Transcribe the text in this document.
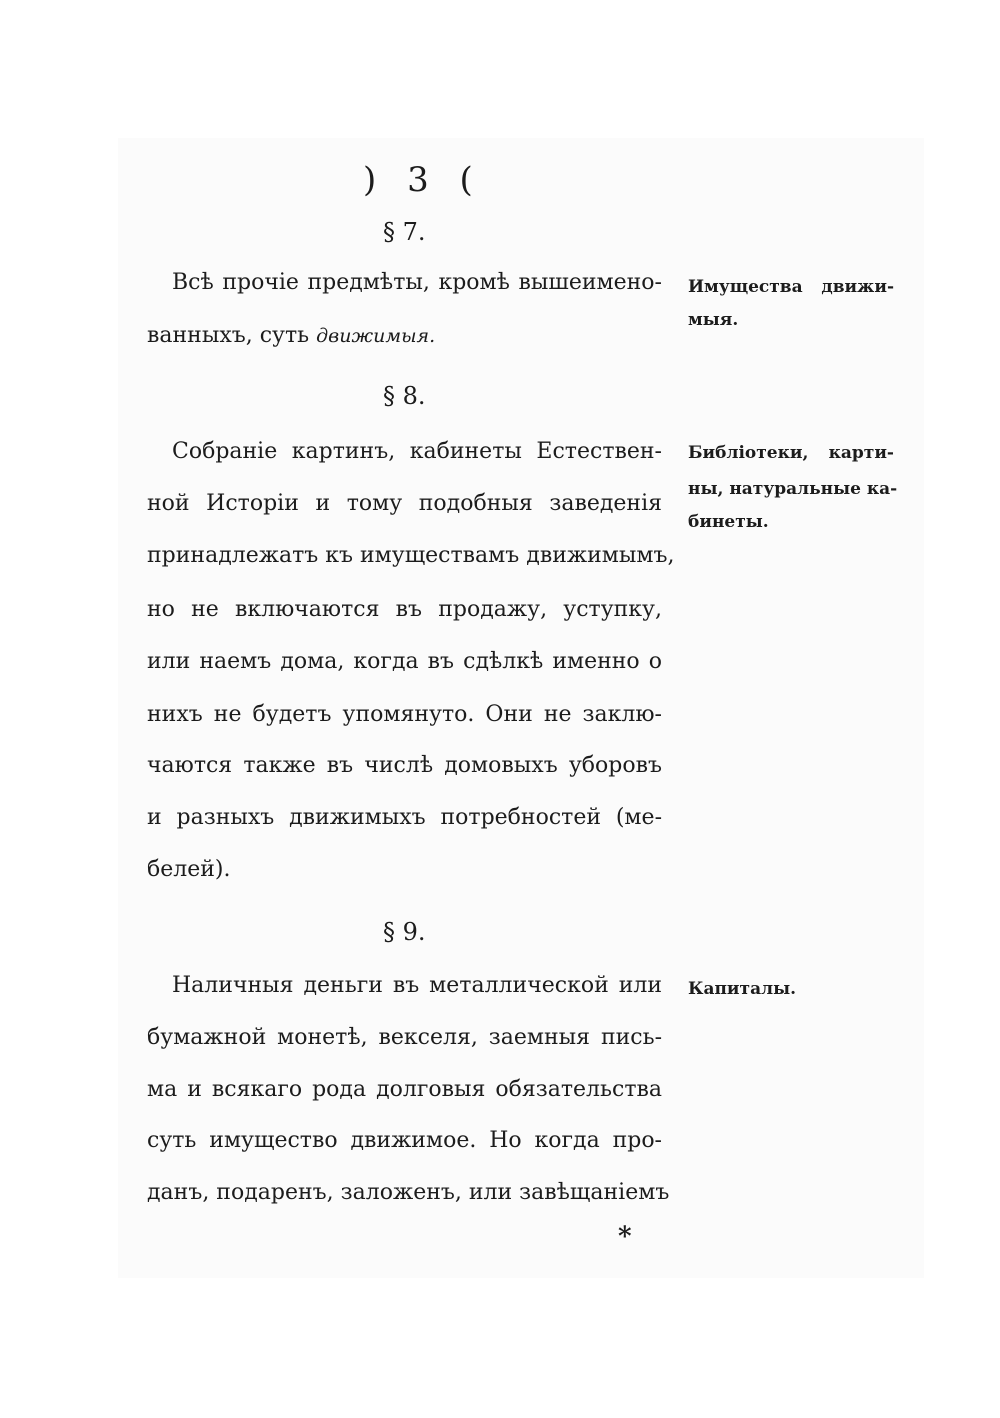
) 3 (
§ 7.
Всѣ прочіе предмѣты, кромѣ вышеименo-
ванныхъ, суть движимыя.
Имущества движи-
мыя.
§ 8.
Собраніе картинъ, кабинеты Естествен-
ной Исторіи и тому подобныя заведенія
принадлежатъ къ имуществамъ движимымъ,
но не включаются въ продажу, уступку,
или наемъ дома, когда въ сдѣлкѣ именно о
нихъ не будетъ упомянуто. Они не заклю-
чаются также въ числѣ домовыхъ уборовъ
и разныхъ движимыхъ потребностей (ме-
белей).
Библіотеки, карти-
ны, натуральные ка-
бинеты.
§ 9.
Наличныя деньги въ металлической или
бумажной монетѣ, векселя, заемныя пись-
ма и всякаго рода долговыя обязательства
суть имущество движимое. Но когда про-
данъ, подаренъ, заложенъ, или завѣщаніемъ
Капиталы.
*
